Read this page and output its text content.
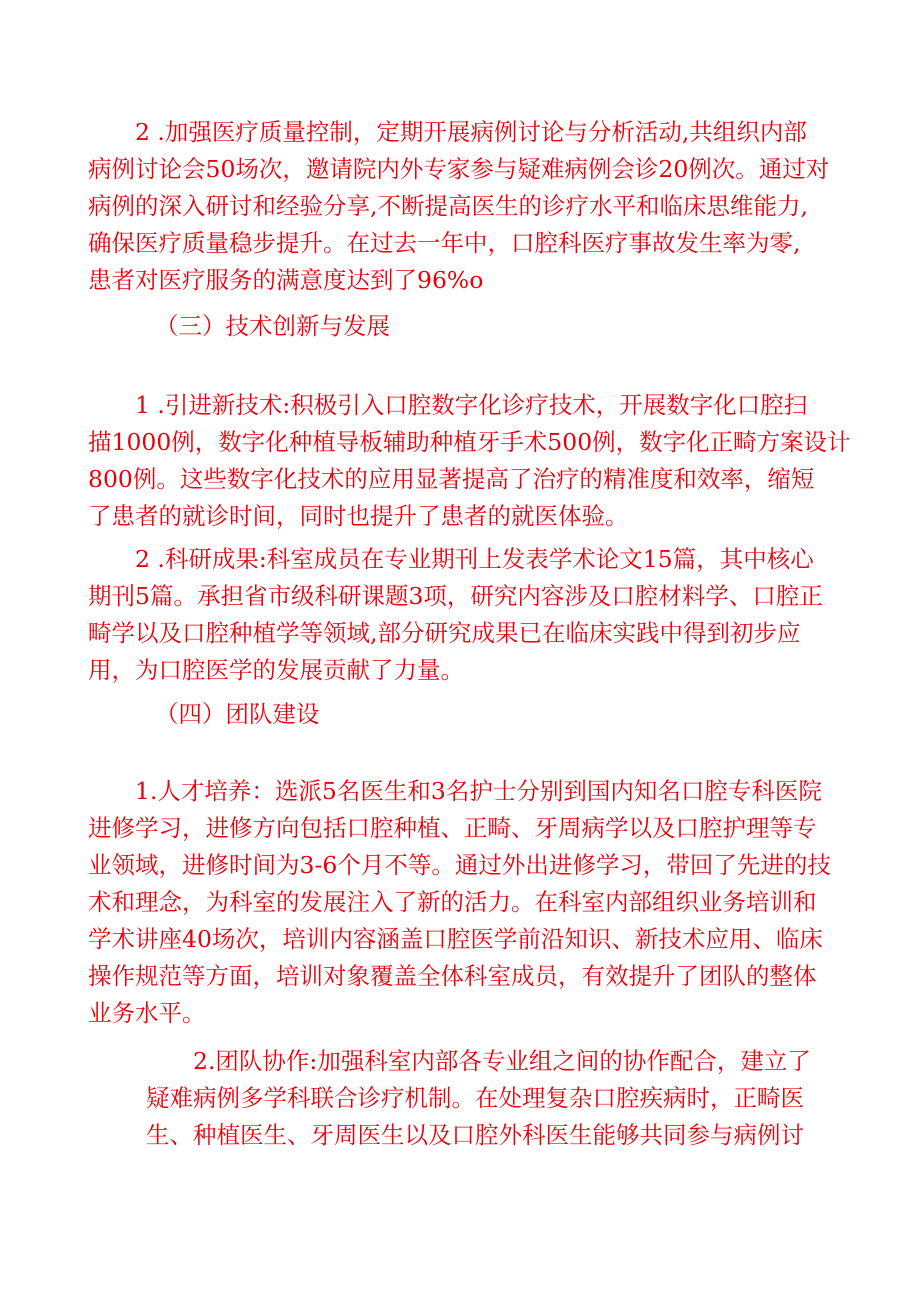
2 .加强医疗质量控制，定期开展病例讨论与分析活动,共组织内部
病例讨论会50场次，邀请院内外专家参与疑难病例会诊20例次。通过对
病例的深入研讨和经验分享,不断提高医生的诊疗水平和临床思维能力,
确保医疗质量稳步提升。在过去一年中，口腔科医疗事故发生率为零,
患者对医疗服务的满意度达到了96%o
（三）技术创新与发展
1 .引进新技术:积极引入口腔数字化诊疗技术，开展数字化口腔扫
描1000例，数字化种植导板辅助种植牙手术500例，数字化正畸方案设计
800例。这些数字化技术的应用显著提高了治疗的精准度和效率，缩短
了患者的就诊时间，同时也提升了患者的就医体验。
2 .科研成果:科室成员在专业期刊上发表学术论文15篇，其中核心
期刊5篇。承担省市级科研课题3项，研究内容涉及口腔材料学、口腔正
畸学以及口腔种植学等领域,部分研究成果已在临床实践中得到初步应
用，为口腔医学的发展贡献了力量。
（四）团队建设
1.人才培养：选派5名医生和3名护士分别到国内知名口腔专科医院
进修学习，进修方向包括口腔种植、正畸、牙周病学以及口腔护理等专
业领域，进修时间为3-6个月不等。通过外出进修学习，带回了先进的技
术和理念，为科室的发展注入了新的活力。在科室内部组织业务培训和
学术讲座40场次，培训内容涵盖口腔医学前沿知识、新技术应用、临床
操作规范等方面，培训对象覆盖全体科室成员，有效提升了团队的整体
业务水平。
2.团队协作:加强科室内部各专业组之间的协作配合，建立了
疑难病例多学科联合诊疗机制。在处理复杂口腔疾病时，正畸医
生、种植医生、牙周医生以及口腔外科医生能够共同参与病例讨
